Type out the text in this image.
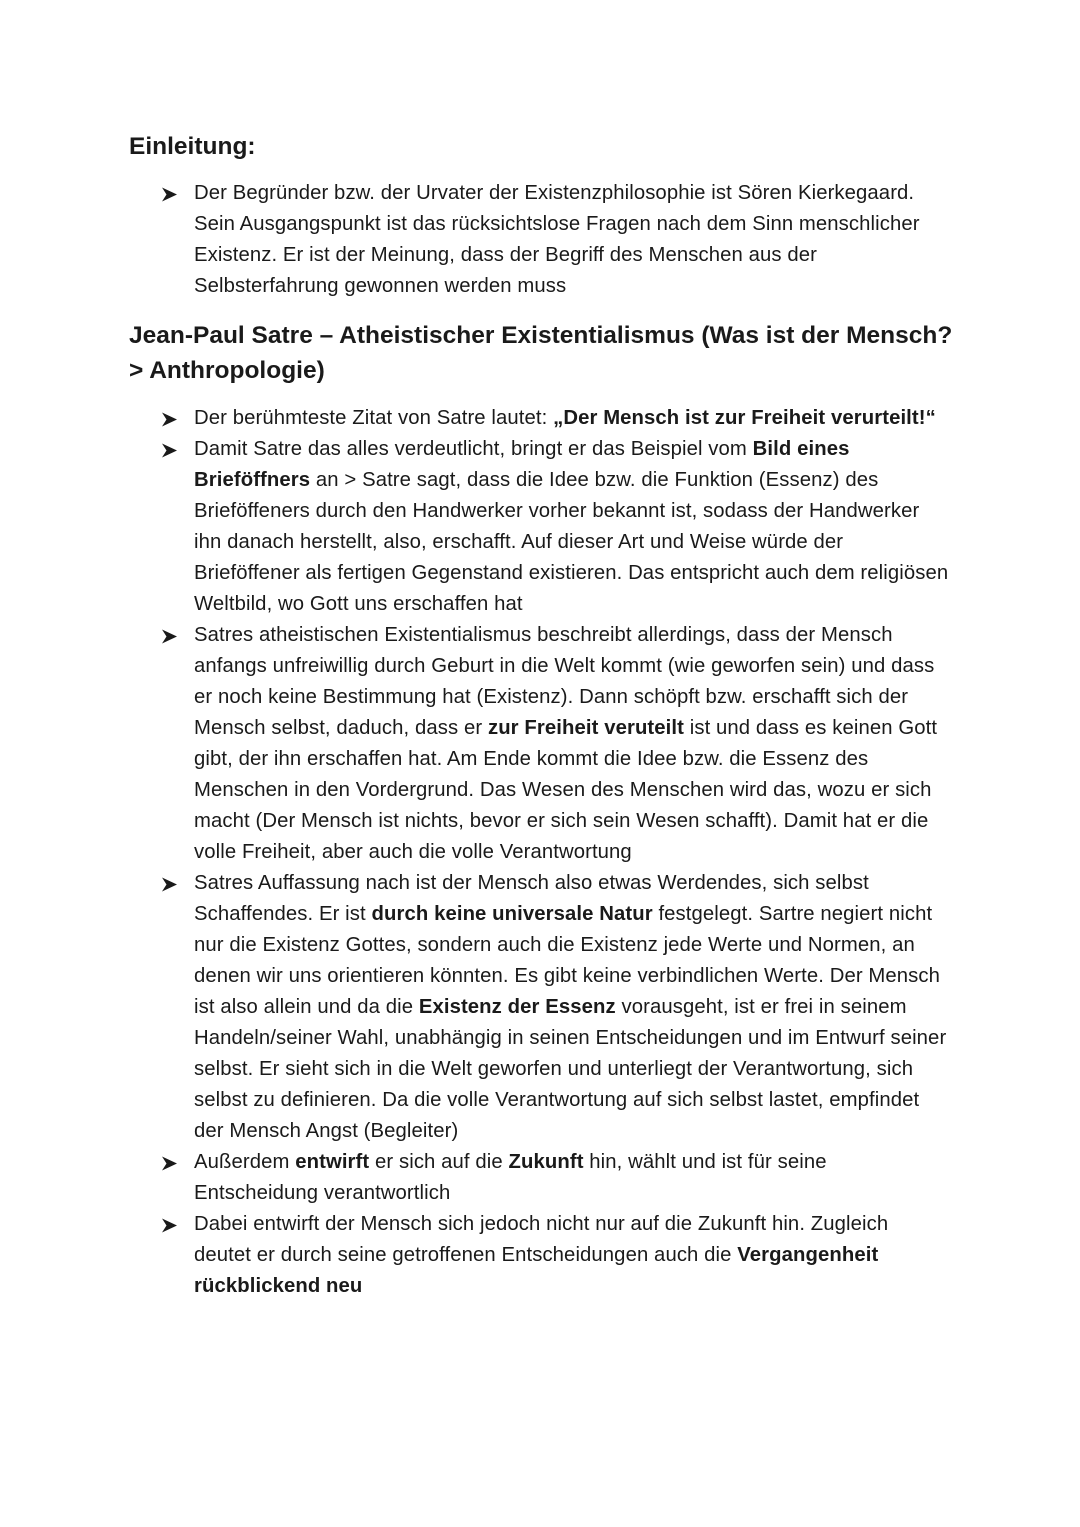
Einleitung:
Der Begründer bzw. der Urvater der Existenzphilosophie ist Sören Kierkegaard. Sein Ausgangspunkt ist das rücksichtslose Fragen nach dem Sinn menschlicher Existenz. Er ist der Meinung, dass der Begriff des Menschen aus der Selbsterfahrung gewonnen werden muss
Jean-Paul Satre – Atheistischer Existentialismus (Was ist der Mensch? > Anthropologie)
Der berühmteste Zitat von Satre lautet: „Der Mensch ist zur Freiheit verurteilt!“
Damit Satre das alles verdeutlicht, bringt er das Beispiel vom Bild eines Brieföffners an > Satre sagt, dass die Idee bzw. die Funktion (Essenz) des Brieföffeners durch den Handwerker vorher bekannt ist, sodass der Handwerker ihn danach herstellt, also, erschafft. Auf dieser Art und Weise würde der Brieföffener als fertigen Gegenstand existieren. Das entspricht auch dem religiösen Weltbild, wo Gott uns erschaffen hat
Satres atheistischen Existentialismus beschreibt allerdings, dass der Mensch anfangs unfreiwillig durch Geburt in die Welt kommt (wie geworfen sein) und dass er noch keine Bestimmung hat (Existenz). Dann schöpft bzw. erschafft sich der Mensch selbst, daduch, dass er zur Freiheit veruteilt ist und dass es keinen Gott gibt, der ihn erschaffen hat. Am Ende kommt die Idee bzw. die Essenz des Menschen in den Vordergrund. Das Wesen des Menschen wird das, wozu er sich macht (Der Mensch ist nichts, bevor er sich sein Wesen schafft). Damit hat er die volle Freiheit, aber auch die volle Verantwortung
Satres Auffassung nach ist der Mensch also etwas Werdendes, sich selbst Schaffendes. Er ist durch keine universale Natur festgelegt. Sartre negiert nicht nur die Existenz Gottes, sondern auch die Existenz jede Werte und Normen, an denen wir uns orientieren könnten. Es gibt keine verbindlichen Werte. Der Mensch ist also allein und da die Existenz der Essenz vorausgeht, ist er frei in seinem Handeln/seiner Wahl, unabhängig in seinen Entscheidungen und im Entwurf seiner selbst. Er sieht sich in die Welt geworfen und unterliegt der Verantwortung, sich selbst zu definieren. Da die volle Verantwortung auf sich selbst lastet, empfindet der Mensch Angst (Begleiter)
Außerdem entwirft er sich auf die Zukunft hin, wählt und ist für seine Entscheidung verantwortlich
Dabei entwirft der Mensch sich jedoch nicht nur auf die Zukunft hin. Zugleich deutet er durch seine getroffenen Entscheidungen auch die Vergangenheit rückblickend neu
